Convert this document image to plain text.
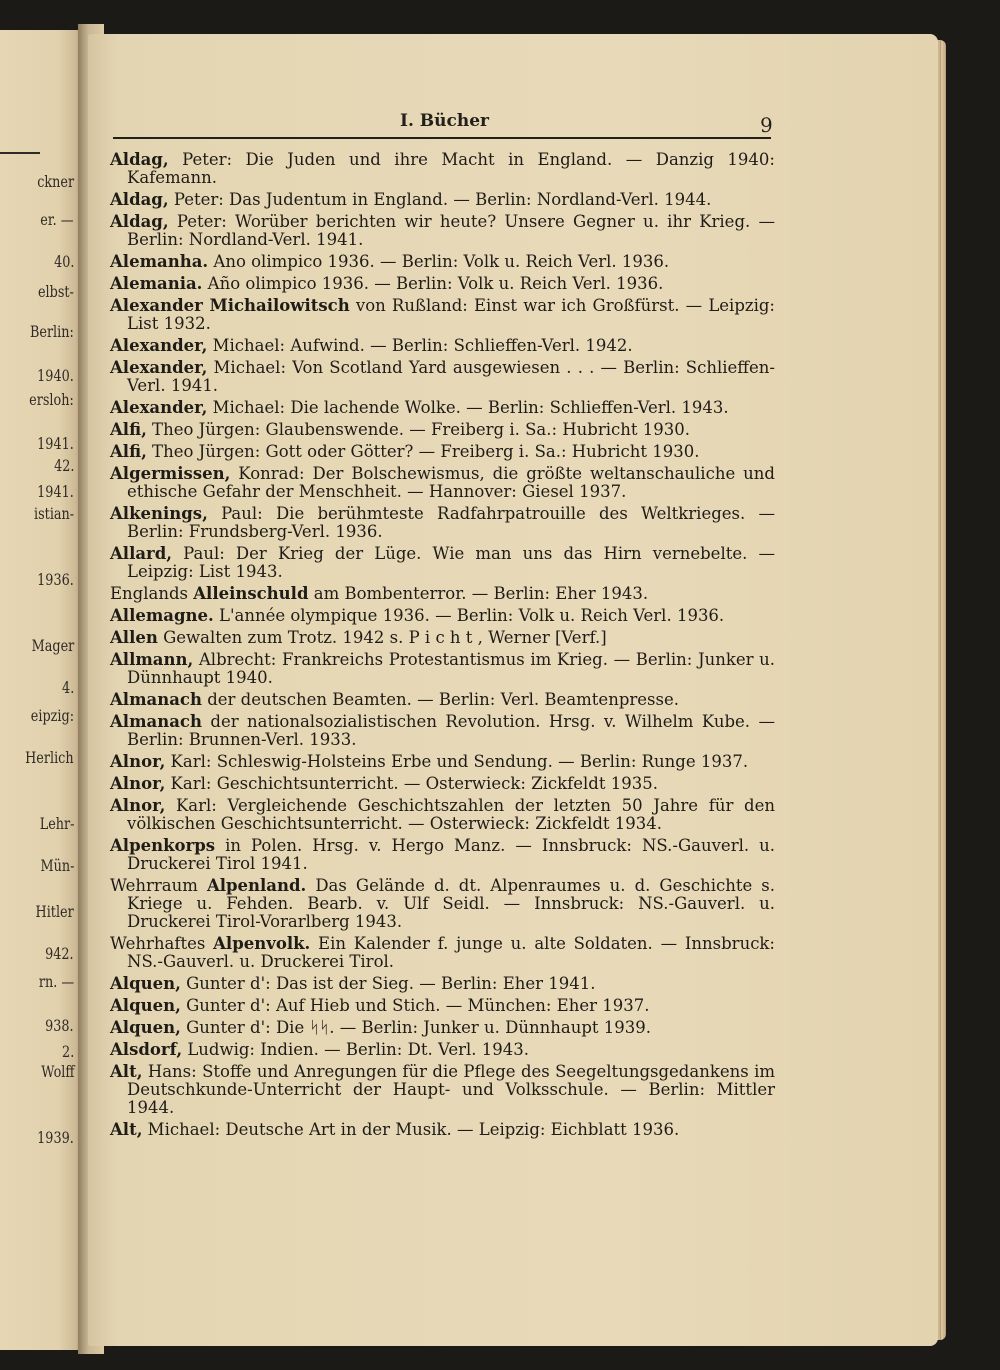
ckner
er. —
40.
elbst-
Berlin:
1940.
ersloh:
1941.
42.
1941.
istian-
1936.
Mager
4.
eipzig:
Herlich
Lehr-
Mün-
Hitler
942.
rn. —
938.
2.
Wolff
1939.
I. Bücher	9

Aldag, Peter: Die Juden und ihre Macht in England. — Danzig 1940: Kafemann.

Aldag, Peter: Das Judentum in England. — Berlin: Nordland-Verl. 1944.

Aldag, Peter: Worüber berichten wir heute? Unsere Gegner u. ihr Krieg. — Berlin: Nordland-Verl. 1941.

Alemanha. Ano olimpico 1936. — Berlin: Volk u. Reich Verl. 1936.

Alemania. Año olimpico 1936. — Berlin: Volk u. Reich Verl. 1936.

Alexander Michailowitsch von Rußland: Einst war ich Großfürst. — Leipzig: List 1932.

Alexander, Michael: Aufwind. — Berlin: Schlieffen-Verl. 1942.

Alexander, Michael: Von Scotland Yard ausgewiesen . . . — Berlin: Schlieffen-Verl. 1941.

Alexander, Michael: Die lachende Wolke. — Berlin: Schlieffen-Verl. 1943.

Alfi, Theo Jürgen: Glaubenswende. — Freiberg i. Sa.: Hubricht 1930.

Alfi, Theo Jürgen: Gott oder Götter? — Freiberg i. Sa.: Hubricht 1930.

Algermissen, Konrad: Der Bolschewismus, die größte weltanschauliche und ethische Gefahr der Menschheit. — Hannover: Giesel 1937.

Alkenings, Paul: Die berühmteste Radfahrpatrouille des Weltkrieges. — Berlin: Frundsberg-Verl. 1936.

Allard, Paul: Der Krieg der Lüge. Wie man uns das Hirn vernebelte. — Leipzig: List 1943.

Englands Alleinschuld am Bombenterror. — Berlin: Eher 1943.

Allemagne. L'année olympique 1936. — Berlin: Volk u. Reich Verl. 1936.

Allen Gewalten zum Trotz. 1942 s. P i c h t , Werner [Verf.]

Allmann, Albrecht: Frankreichs Protestantismus im Krieg. — Berlin: Junker u. Dünnhaupt 1940.

Almanach der deutschen Beamten. — Berlin: Verl. Beamtenpresse.

Almanach der nationalsozialistischen Revolution. Hrsg. v. Wilhelm Kube. — Berlin: Brunnen-Verl. 1933.

Alnor, Karl: Schleswig-Holsteins Erbe und Sendung. — Berlin: Runge 1937.

Alnor, Karl: Geschichtsunterricht. — Osterwieck: Zickfeldt 1935.

Alnor, Karl: Vergleichende Geschichtszahlen der letzten 50 Jahre für den völkischen Geschichtsunterricht. — Osterwieck: Zickfeldt 1934.

Alpenkorps in Polen. Hrsg. v. Hergo Manz. — Innsbruck: NS.-Gauverl. u. Druckerei Tirol 1941.

Wehrraum Alpenland. Das Gelände d. dt. Alpenraumes u. d. Geschichte s. Kriege u. Fehden. Bearb. v. Ulf Seidl. — Innsbruck: NS.-Gauverl. u. Druckerei Tirol-Vorarlberg 1943.

Wehrhaftes Alpenvolk. Ein Kalender f. junge u. alte Soldaten. — Innsbruck: NS.-Gauverl. u. Druckerei Tirol.

Alquen, Gunter d': Das ist der Sieg. — Berlin: Eher 1941.

Alquen, Gunter d': Auf Hieb und Stich. — München: Eher 1937.

Alquen, Gunter d': Die ᛋᛋ. — Berlin: Junker u. Dünnhaupt 1939.

Alsdorf, Ludwig: Indien. — Berlin: Dt. Verl. 1943.

Alt, Hans: Stoffe und Anregungen für die Pflege des Seegeltungsgedankens im Deutschkunde-Unterricht der Haupt- und Volksschule. — Berlin: Mittler 1944.

Alt, Michael: Deutsche Art in der Musik. — Leipzig: Eichblatt 1936.
